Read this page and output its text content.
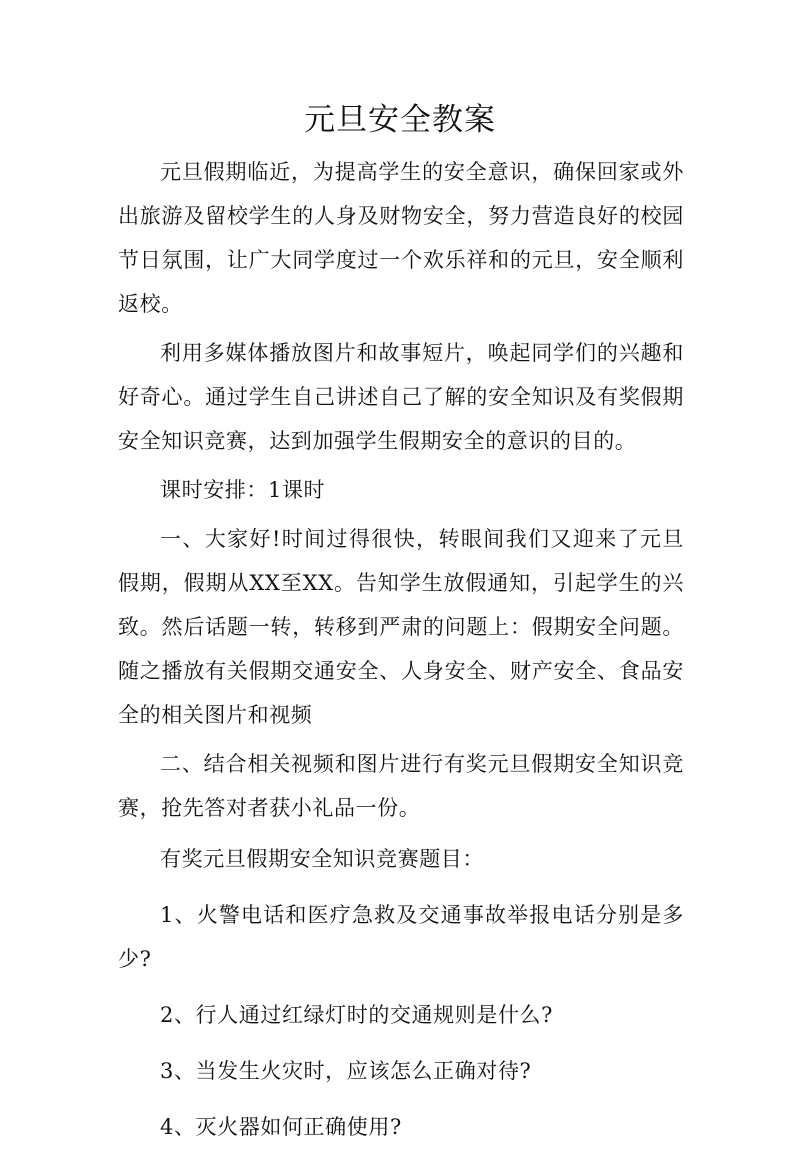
元旦安全教案

元旦假期临近，为提高学生的安全意识，确保回家或外出旅游及留校学生的人身及财物安全，努力营造良好的校园节日氛围，让广大同学度过一个欢乐祥和的元旦，安全顺利返校。

利用多媒体播放图片和故事短片，唤起同学们的兴趣和好奇心。通过学生自己讲述自己了解的安全知识及有奖假期安全知识竞赛，达到加强学生假期安全的意识的目的。

课时安排：1课时

一、大家好!时间过得很快，转眼间我们又迎来了元旦假期，假期从XX至XX。告知学生放假通知，引起学生的兴致。然后话题一转，转移到严肃的问题上：假期安全问题。随之播放有关假期交通安全、人身安全、财产安全、食品安全的相关图片和视频

二、结合相关视频和图片进行有奖元旦假期安全知识竞赛，抢先答对者获小礼品一份。

有奖元旦假期安全知识竞赛题目：

1、火警电话和医疗急救及交通事故举报电话分别是多少?

2、行人通过红绿灯时的交通规则是什么?

3、当发生火灾时，应该怎么正确对待?

4、灭火器如何正确使用?
